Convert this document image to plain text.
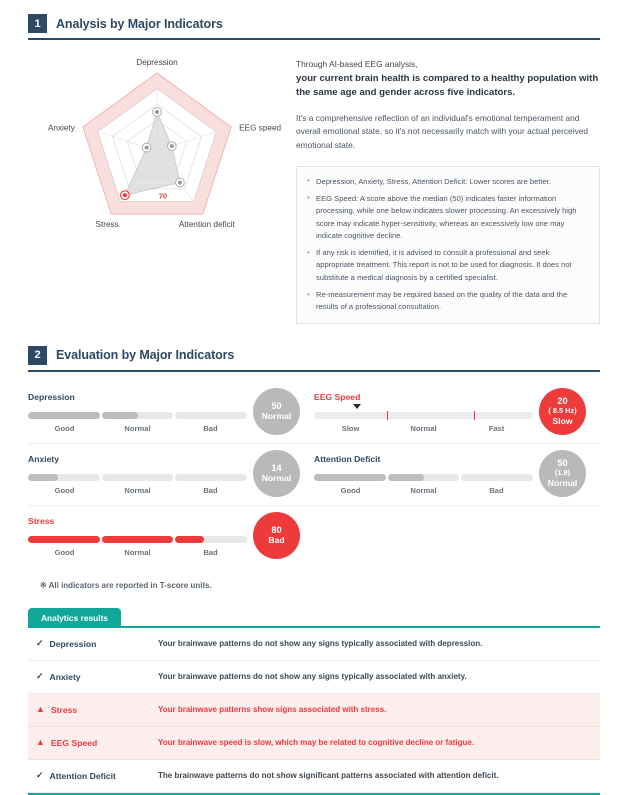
1	Analysis by Major Indicators
70
Depression
EEG speed
Attention deficit
Stress
Anxiety
Through AI-based EEG analysis,
your current brain health is compared to a healthy population with the same age and gender across five indicators.
It's a comprehensive reflection of an individual's emotional temperament and overall emotional state, so it's not necessarily match with your actual perceived emotional state.
• Depression, Anxiety, Stress, Attention Deficit: Lower scores are better.
• EEG Speed: A score above the median (50) indicates faster information processing, while one below indicates slower processing. An excessively high score may indicate hyper-sensitivity, whereas an excessively low one may indicate cognitive decline.
• If any risk is identified, it is advised to consult a professional and seek appropriate treatment. This report is not to be used for diagnosis. It does not substitute a medical diagnosis by a certified specialist.
• Re-measurement may be required based on the quality of the data and the results of a professional consultation.
2	Evaluation by Major Indicators
Depression
Good	Normal	Bad
50
Normal
EEG Speed
Slow	Normal	Fast
20
( 8.5 Hz)
Slow
Anxiety
Good	Normal	Bad
14
Normal
Attention Deficit
Good	Normal	Bad
50
(1.9)
Normal
Stress
Good	Normal	Bad
80
Bad
※ All indicators are reported in T-score units.
Analytics results
✓ Depression	Your brainwave patterns do not show any signs typically associated with depression.
✓ Anxiety	Your brainwave patterns do not show any signs typically associated with anxiety.
▲ Stress	Your brainwave patterns show signs associated with stress.
▲ EEG Speed	Your brainwave speed is slow, which may be related to cognitive decline or fatigue.
✓ Attention Deficit	The brainwave patterns do not show significant patterns associated with attention deficit.
